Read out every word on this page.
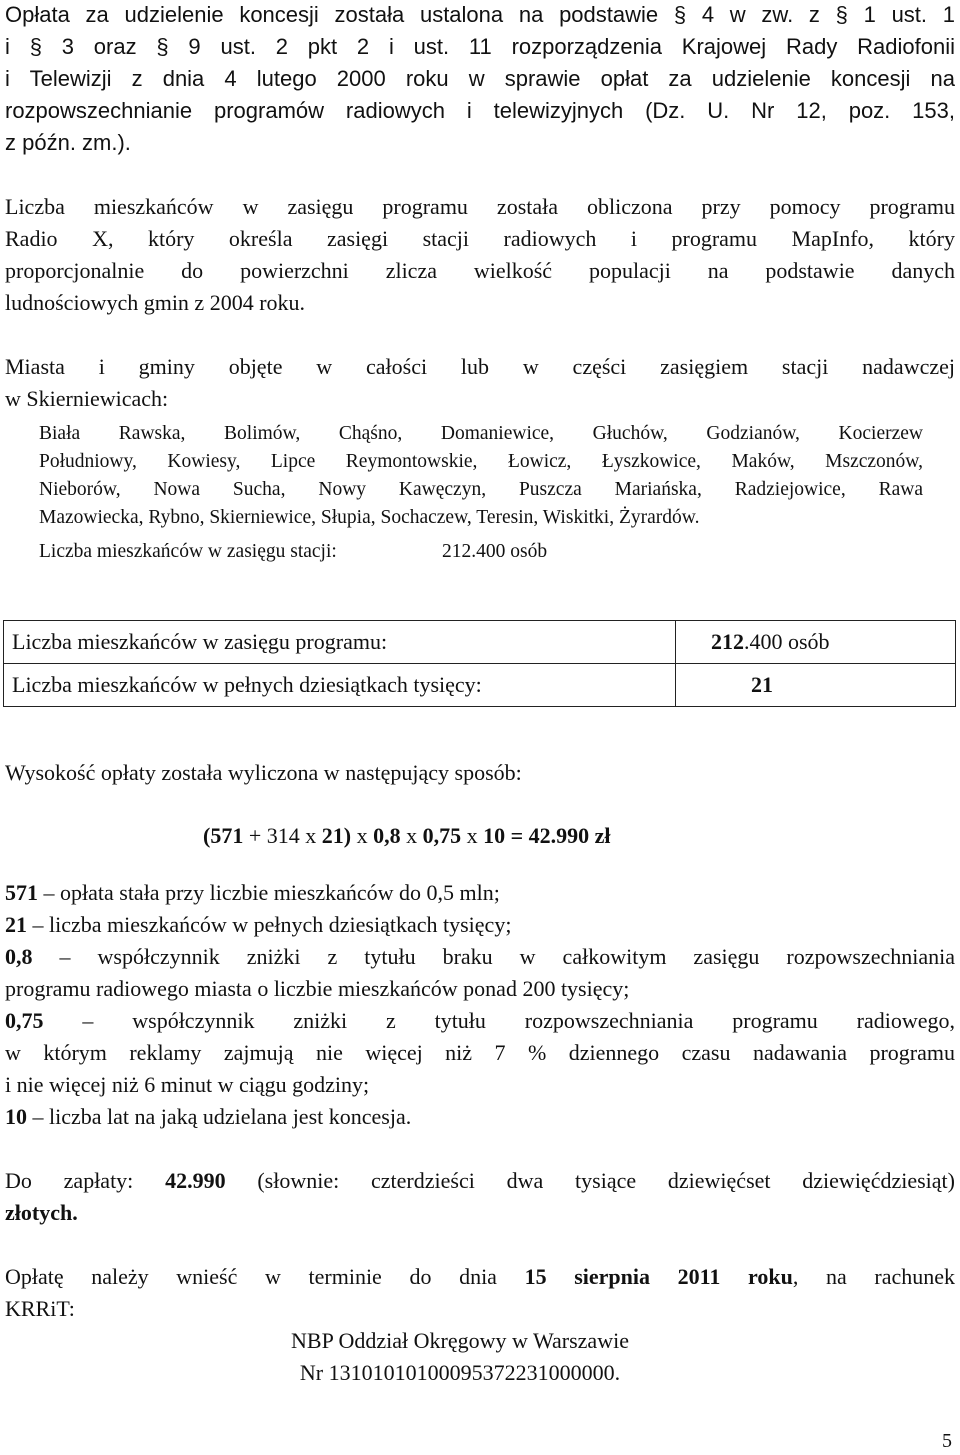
Opłata za udzielenie koncesji została ustalona na podstawie § 4 w zw. z § 1 ust. 1
i § 3 oraz § 9 ust. 2 pkt 2 i ust. 11 rozporządzenia Krajowej Rady Radiofonii
i Telewizji z dnia 4 lutego 2000 roku w sprawie opłat za udzielenie koncesji na
rozpowszechnianie programów radiowych i telewizyjnych (Dz. U. Nr 12, poz. 153,
z późn. zm.).
Liczba mieszkańców w zasięgu programu została obliczona przy pomocy programu
Radio X, który określa zasięgi stacji radiowych i programu MapInfo, który
proporcjonalnie do powierzchni zlicza wielkość populacji na podstawie danych
ludnościowych gmin z 2004 roku.
Miasta i gminy objęte w całości lub w części zasięgiem stacji nadawczej
w Skierniewicach:
Biała Rawska, Bolimów, Chąśno, Domaniewice, Głuchów, Godzianów, Kocierzew
Południowy, Kowiesy, Lipce Reymontowskie, Łowicz, Łyszkowice, Maków, Mszczonów,
Nieborów, Nowa Sucha, Nowy Kawęczyn, Puszcza Mariańska, Radziejowice, Rawa
Mazowiecka, Rybno, Skierniewice, Słupia, Sochaczew, Teresin, Wiskitki, Żyrardów.
Liczba mieszkańców w zasięgu stacji:	212.400 osób
Liczba mieszkańców w zasięgu programu:	212.400 osób
Liczba mieszkańców w pełnych dziesiątkach tysięcy:	21
Wysokość opłaty została wyliczona w następujący sposób:
(571 + 314 x 21) x 0,8 x 0,75 x 10 = 42.990 zł
571 – opłata stała przy liczbie mieszkańców do 0,5 mln;
21 – liczba mieszkańców w pełnych dziesiątkach tysięcy;
0,8 – współczynnik zniżki z tytułu braku w całkowitym zasięgu rozpowszechniania
programu radiowego miasta o liczbie mieszkańców ponad 200 tysięcy;
0,75 – współczynnik zniżki z tytułu rozpowszechniania programu radiowego,
w którym reklamy zajmują nie więcej niż 7 % dziennego czasu nadawania programu
i nie więcej niż 6 minut w ciągu godziny;
10 – liczba lat na jaką udzielana jest koncesja.
Do zapłaty: 42.990 (słownie: czterdzieści dwa tysiące dziewięćset dziewięćdziesiąt)
złotych.
Opłatę należy wnieść w terminie do dnia 15 sierpnia 2011 roku, na rachunek
KRRiT:
NBP Oddział Okręgowy w Warszawie
Nr 13101010100095372231000000.
5
